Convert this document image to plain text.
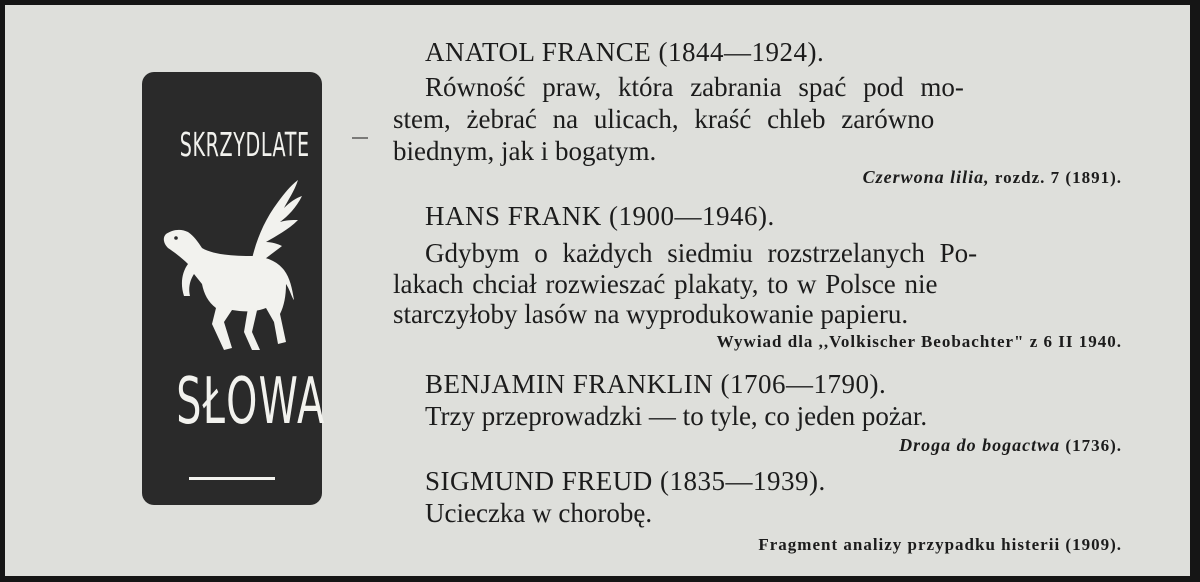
SKRZYDLATE
SŁOWA
ANATOL FRANCE (1844—1924).
Równość praw, która zabrania spać pod mo-
stem, żebrać na ulicach, kraść chleb zarówno
biednym, jak i bogatym.
Czerwona lilia, rozdz. 7 (1891).
HANS FRANK (1900—1946).
Gdybym o każdych siedmiu rozstrzelanych Po-
lakach chciał rozwieszać plakaty, to w Polsce nie
starczyłoby lasów na wyprodukowanie papieru.
Wywiad dla ,,Volkischer Beobachter" z 6 II 1940.
BENJAMIN FRANKLIN (1706—1790).
Trzy przeprowadzki — to tyle, co jeden pożar.
Droga do bogactwa (1736).
SIGMUND FREUD (1835—1939).
Ucieczka w chorobę.
Fragment analizy przypadku histerii (1909).
